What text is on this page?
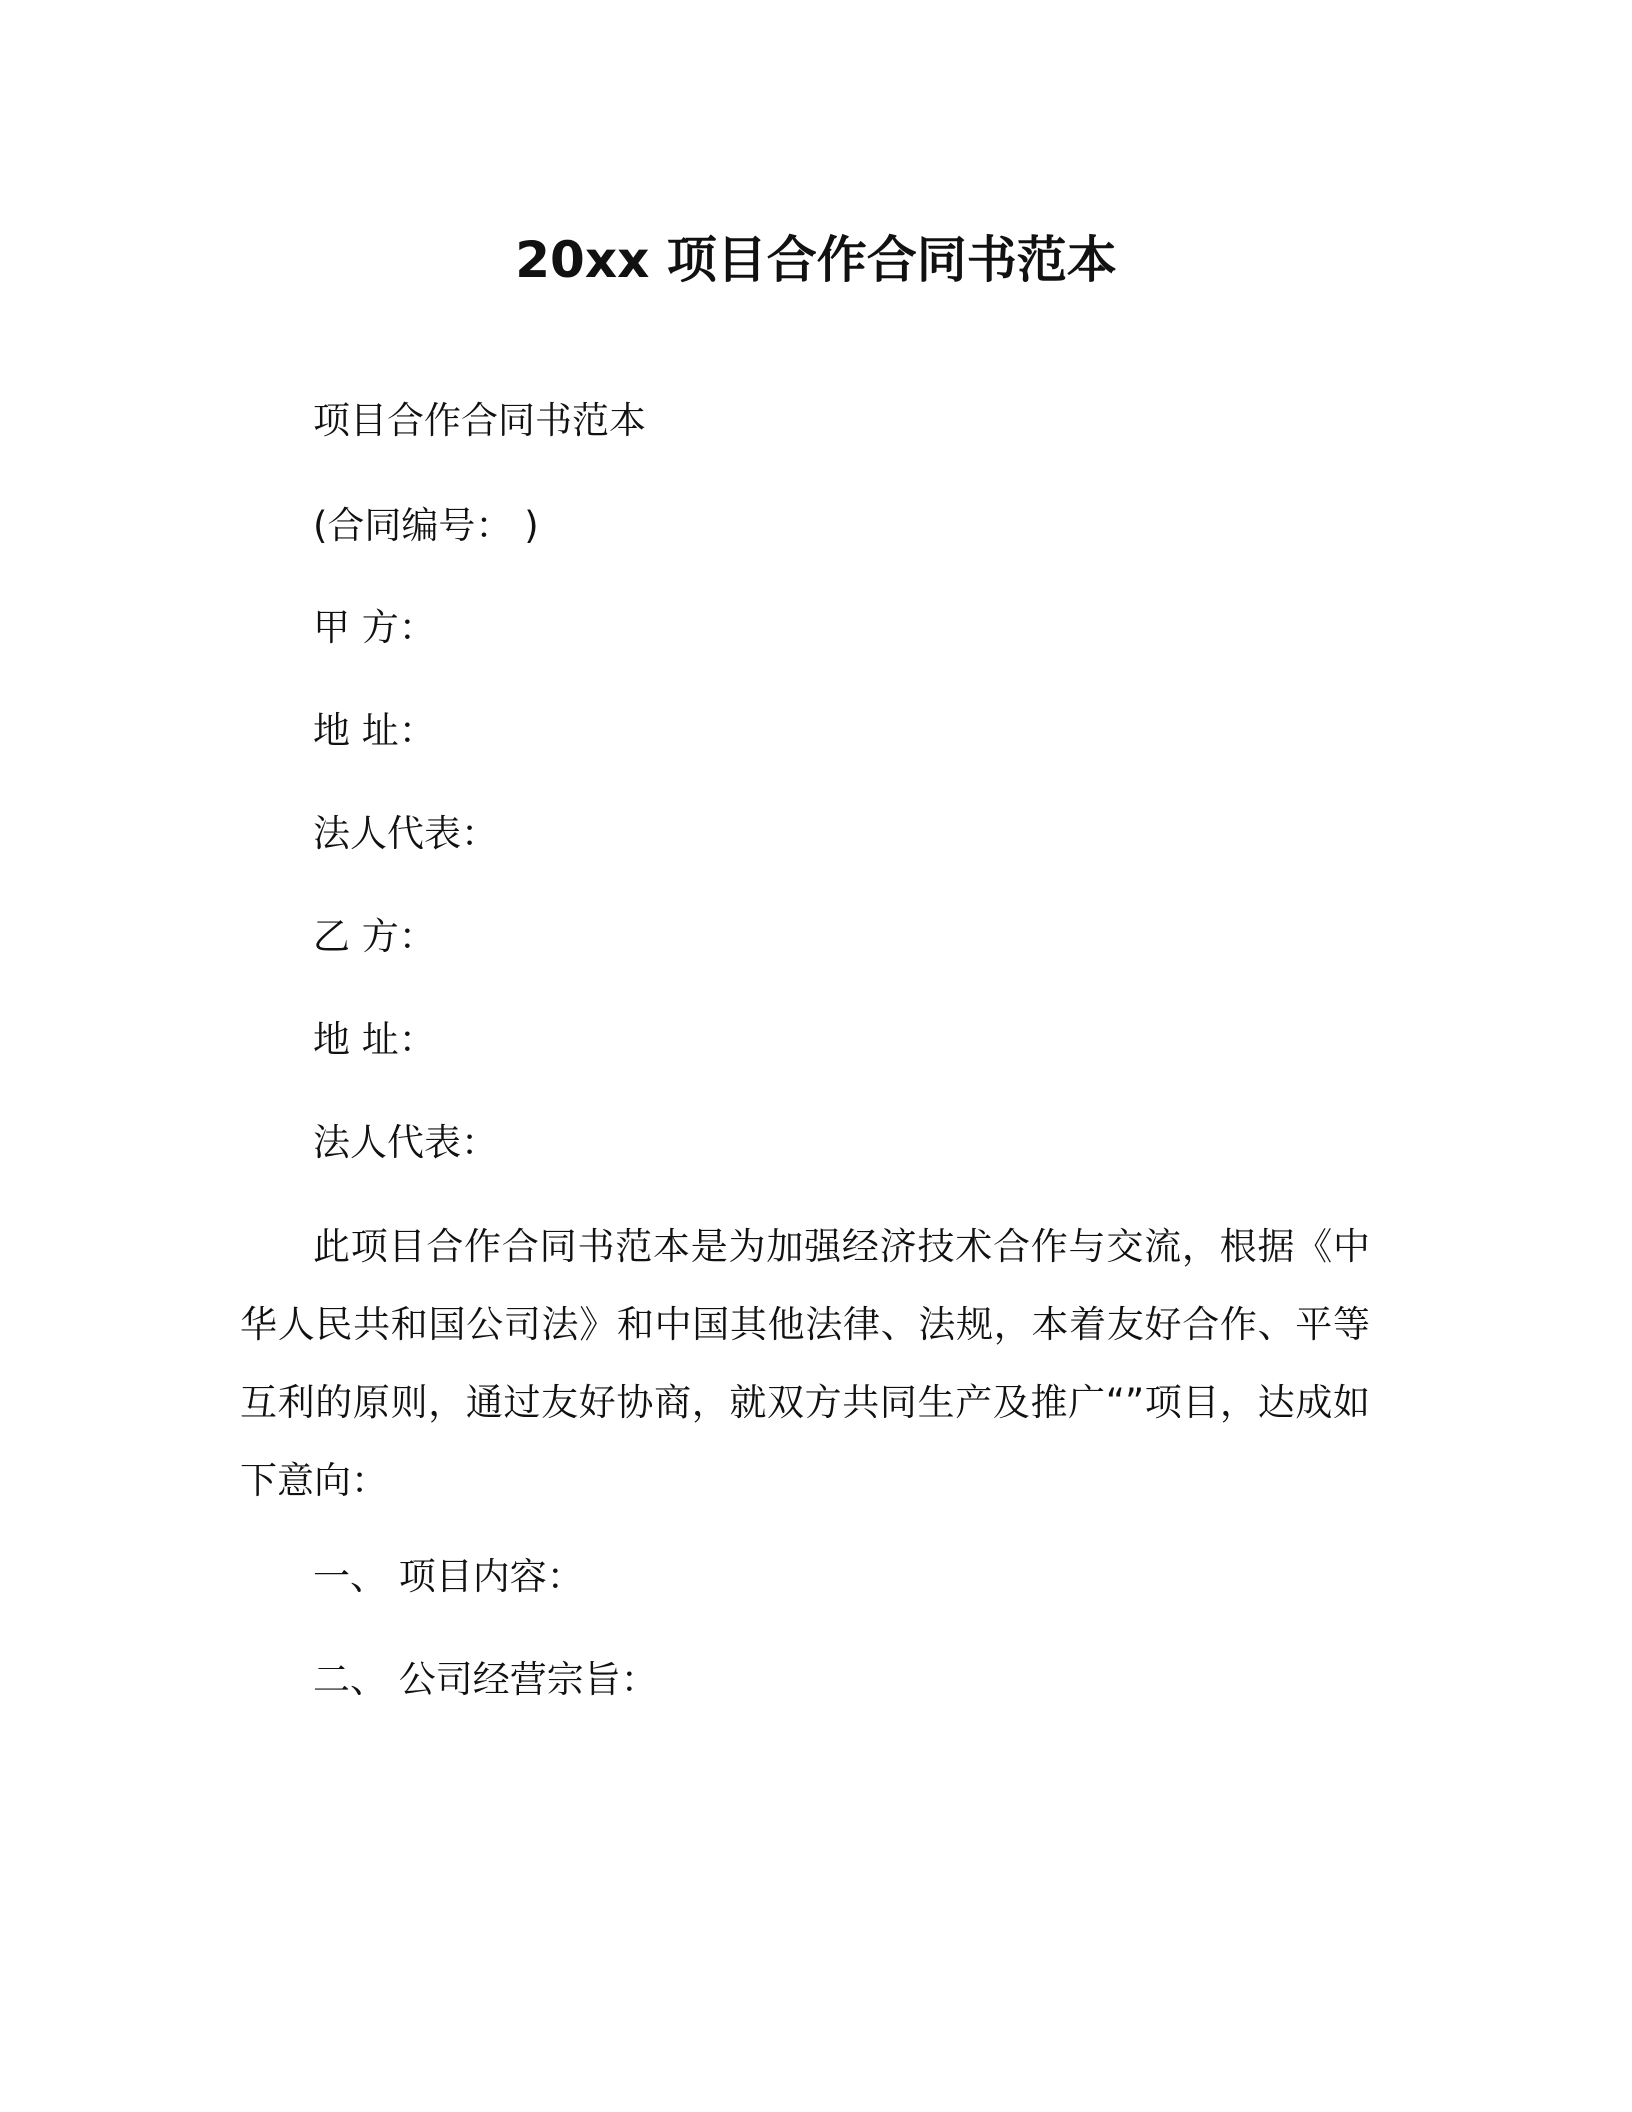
20xx 项目合作合同书范本
项目合作合同书范本
(合同编号： )
甲 方：
地 址：
法人代表：
乙 方：
地 址：
法人代表：
此项目合作合同书范本是为加强经济技术合作与交流，根据《中华人民共和国公司法》和中国其他法律、法规，本着友好合作、平等互利的原则，通过友好协商，就双方共同生产及推广“”项目，达成如下意向：
一、 项目内容：
二、 公司经营宗旨：
